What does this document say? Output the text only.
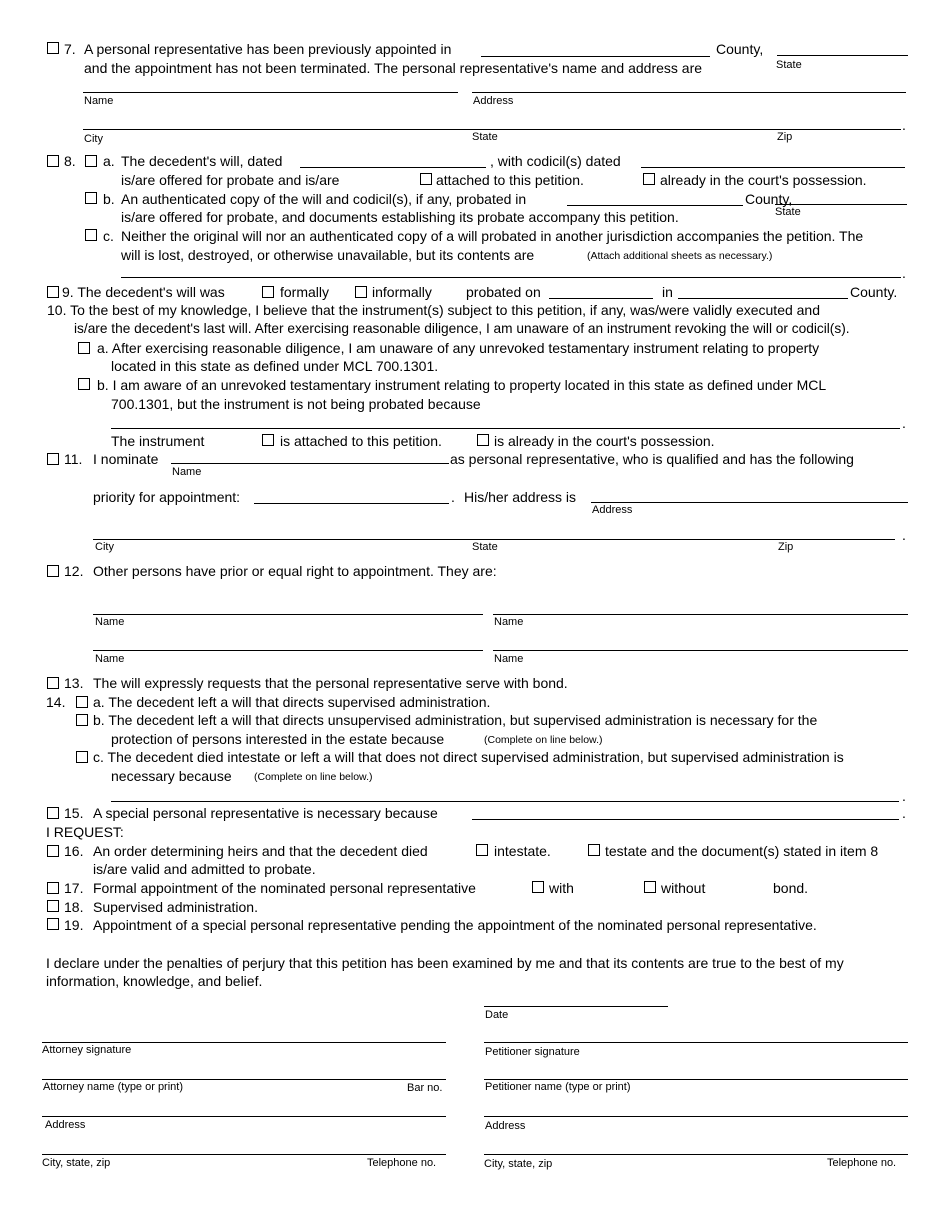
7. A personal representative has been previously appointed in	County,
State
and the appointment has not been terminated. The personal representative's name and address are
Name	Address
.
City	State	Zip
8. a. The decedent's will, dated	, with codicil(s) dated
is/are offered for probate and is/are	attached to this petition.	already in the court's possession.
b. An authenticated copy of the will and codicil(s), if any, probated in	County,
is/are offered for probate, and documents establishing its probate accompany this petition.	State
c. Neither the original will nor an authenticated copy of a will probated in another jurisdiction accompanies the petition. The
will is lost, destroyed, or otherwise unavailable, but its contents are	(Attach additional sheets as necessary.)
.
9. The decedent's will was	formally	informally probated on	in	County.
10. To the best of my knowledge, I believe that the instrument(s) subject to this petition, if any, was/were validly executed and
is/are the decedent's last will. After exercising reasonable diligence, I am unaware of an instrument revoking the will or codicil(s).
a. After exercising reasonable diligence, I am unaware of any unrevoked testamentary instrument relating to property
located in this state as defined under MCL 700.1301.
b. I am aware of an unrevoked testamentary instrument relating to property located in this state as defined under MCL
700.1301, but the instrument is not being probated because
.
The instrument	is attached to this petition.	is already in the court's possession.
11. I nominate
Name
as personal representative, who is qualified and has the following
priority for appointment:	. His/her address is
Address
.
City	State	Zip
12. Other persons have prior or equal right to appointment. They are:
Name	Name
Name	Name
13. The will expressly requests that the personal representative serve with bond.
14. a. The decedent left a will that directs supervised administration.
b. The decedent left a will that directs unsupervised administration, but supervised administration is necessary for the
protection of persons interested in the estate because	(Complete on line below.)
c. The decedent died intestate or left a will that does not direct supervised administration, but supervised administration is
necessary because (Complete on line below.)
.
15. A special personal representative is necessary because	.
I REQUEST:
16. An order determining heirs and that the decedent died	intestate.	testate and the document(s) stated in item 8
is/are valid and admitted to probate.
17. Formal appointment of the nominated personal representative	with	without	bond.
18. Supervised administration.
19. Appointment of a special personal representative pending the appointment of the nominated personal representative.
I declare under the penalties of perjury that this petition has been examined by me and that its contents are true to the best of my
information, knowledge, and belief.
Date
Attorney signature	Petitioner signature
Attorney name (type or print)	Bar no.	Petitioner name (type or print)
Address	Address
City, state, zip	Telephone no.	City, state, zip	Telephone no.
